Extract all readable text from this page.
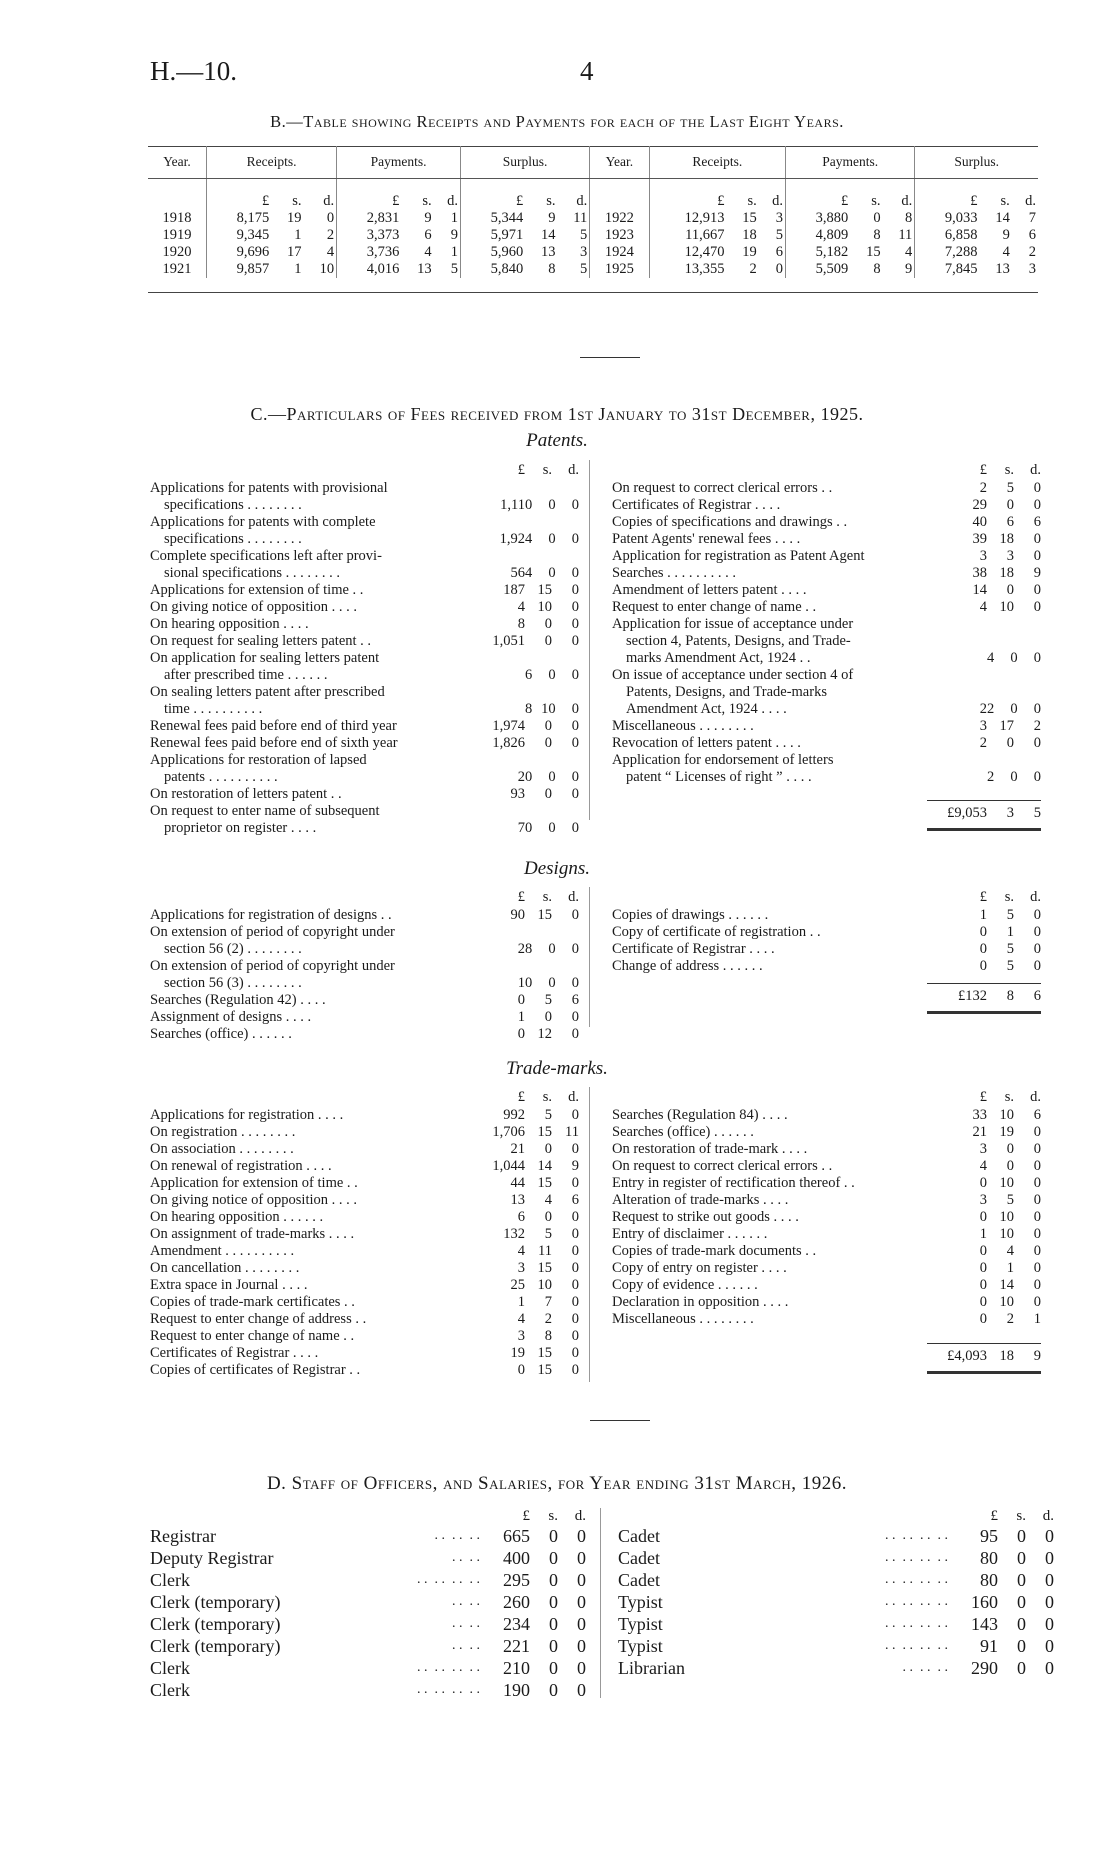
H.—10.	4
B.—Table showing Receipts and Payments for each of the Last Eight Years.
Year.	Receipts.			Payments.			Surplus.			Year.	Receipts.			Payments.			Surplus.		
	£	s.	d.	£	s.	d.	£	s.	d.		£	s.	d.	£	s.	d.	£	s.	d.
1918	8,175	19	0	2,831	9	1	5,344	9	11	1922	12,913	15	3	3,880	0	8	9,033	14	7
1919	9,345	1	2	3,373	6	9	5,971	14	5	1923	11,667	18	5	4,809	8	11	6,858	9	6
1920	9,696	17	4	3,736	4	1	5,960	13	3	1924	12,470	19	6	5,182	15	4	7,288	4	2
1921	9,857	1	10	4,016	13	5	5,840	8	5	1925	13,355	2	0	5,509	8	9	7,845	13	3

C.—Particulars of Fees received from 1st January to 31st December, 1925.
Patents.
£	s.	d.	£	s.	d.
Applications for patents with provisional
specifications . . . . . . . .	1,110	0	0
Applications for patents with complete
specifications . . . . . . . .	1,924	0	0
Complete specifications left after provi-
sional specifications . . . . . . . .	564	0	0
Applications for extension of time . .	187 15	0
On giving notice of opposition . . . .	4 10	0
On hearing opposition . . . .	8	0	0
On request for sealing letters patent . .	1,051	0	0
On application for sealing letters patent
after prescribed time . . . . . .	6	0	0
On sealing letters patent after prescribed
time . . . . . . . . . .	8 10	0
Renewal fees paid before end of third year	1,974	0	0
Renewal fees paid before end of sixth year	1,826	0	0
Applications for restoration of lapsed
patents . . . . . . . . . .	20	0	0
On restoration of letters patent . .	93	0	0
On request to enter name of subsequent
proprietor on register . . . .	70	0	0
On request to correct clerical errors . .	2	5	0
Certificates of Registrar . . . .	29	0	0
Copies of specifications and drawings . .	40	6	6
Patent Agents' renewal fees . . . .	39 18	0
Application for registration as Patent Agent	3	3	0
Searches . . . . . . . . . .	38 18	9
Amendment of letters patent . . . .	14	0	0
Request to enter change of name . .	4 10	0
Application for issue of acceptance under
section 4, Patents, Designs, and Trade-
marks Amendment Act, 1924 . .	4	0	0
On issue of acceptance under section 4 of
Patents, Designs, and Trade-marks
Amendment Act, 1924 . . . .	22	0	0
Miscellaneous . . . . . . . .	3 17	2
Revocation of letters patent . . . .	2	0	0
Application for endorsement of letters
patent “ Licenses of right ” . . . .	2	0	0
£9,053	3	5
Designs.
£	s.	d.	£	s.	d.
Applications for registration of designs . .	90 15	0
On extension of period of copyright under
section 56 (2) . . . . . . . .	28	0	0
On extension of period of copyright under
section 56 (3) . . . . . . . .	10	0	0
Searches (Regulation 42) . . . .	0	5	6
Assignment of designs . . . .	1	0	0
Searches (office) . . . . . .	0 12	0
Copies of drawings . . . . . .	1	5	0
Copy of certificate of registration . .	0	1	0
Certificate of Registrar . . . .	0	5	0
Change of address . . . . . .	0	5	0
£132	8	6
Trade-marks.
£	s.	d.	£	s.	d.
Applications for registration . . . .	992	5	0
On registration . . . . . . . .	1,706 15 11
On association . . . . . . . .	21	0	0
On renewal of registration . . . .	1,044 14	9
Application for extension of time . .	44 15	0
On giving notice of opposition . . . .	13	4	6
On hearing opposition . . . . . .	6	0	0
On assignment of trade-marks . . . .	132	5	0
Amendment . . . . . . . . . .	4 11	0
On cancellation . . . . . . . .	3 15	0
Extra space in Journal . . . .	25 10	0
Copies of trade-mark certificates . .	1	7	0
Request to enter change of address . .	4	2	0
Request to enter change of name . .	3	8	0
Certificates of Registrar . . . .	19 15	0
Copies of certificates of Registrar . .	0 15	0
Searches (Regulation 84) . . . .	33 10	6
Searches (office) . . . . . .	21 19	0
On restoration of trade-mark . . . .	3	0	0
On request to correct clerical errors . .	4	0	0
Entry in register of rectification thereof . .	0 10	0
Alteration of trade-marks . . . .	3	5	0
Request to strike out goods . . . .	0 10	0
Entry of disclaimer . . . . . .	1 10	0
Copies of trade-mark documents . .	0	4	0
Copy of entry on register . . . .	0	1	0
Copy of evidence . . . . . .	0 14	0
Declaration in opposition . . . .	0 10	0
Miscellaneous . . . . . . . .	0	2	1
£4,093 18	9
D. Staff of Officers, and Salaries, for Year ending 31st March, 1926.
£	s.	d.
Registrar	. .  . .  . .	665	0	0
Deputy Registrar	. .  . .	400	0	0
Clerk	. .  . .  . .  . .	295	0	0
Clerk (temporary)	. .  . .	260	0	0
Clerk (temporary)	. .  . .	234	0	0
Clerk (temporary)	. .  . .	221	0	0
Clerk	. .  . .  . .  . .	210	0	0
Clerk	. .  . .  . .  . .	190	0	0
£	s.	d.
Cadet	. .  . .  . .  . .	95	0	0
Cadet	. .  . .  . .  . .	80	0	0
Cadet	. .  . .  . .  . .	80	0	0
Typist	. .  . .  . .  . .	160	0	0
Typist	. .  . .  . .  . .	143	0	0
Typist	. .  . .  . .  . .	91	0	0
Librarian	. .  . .  . .	290	0	0
